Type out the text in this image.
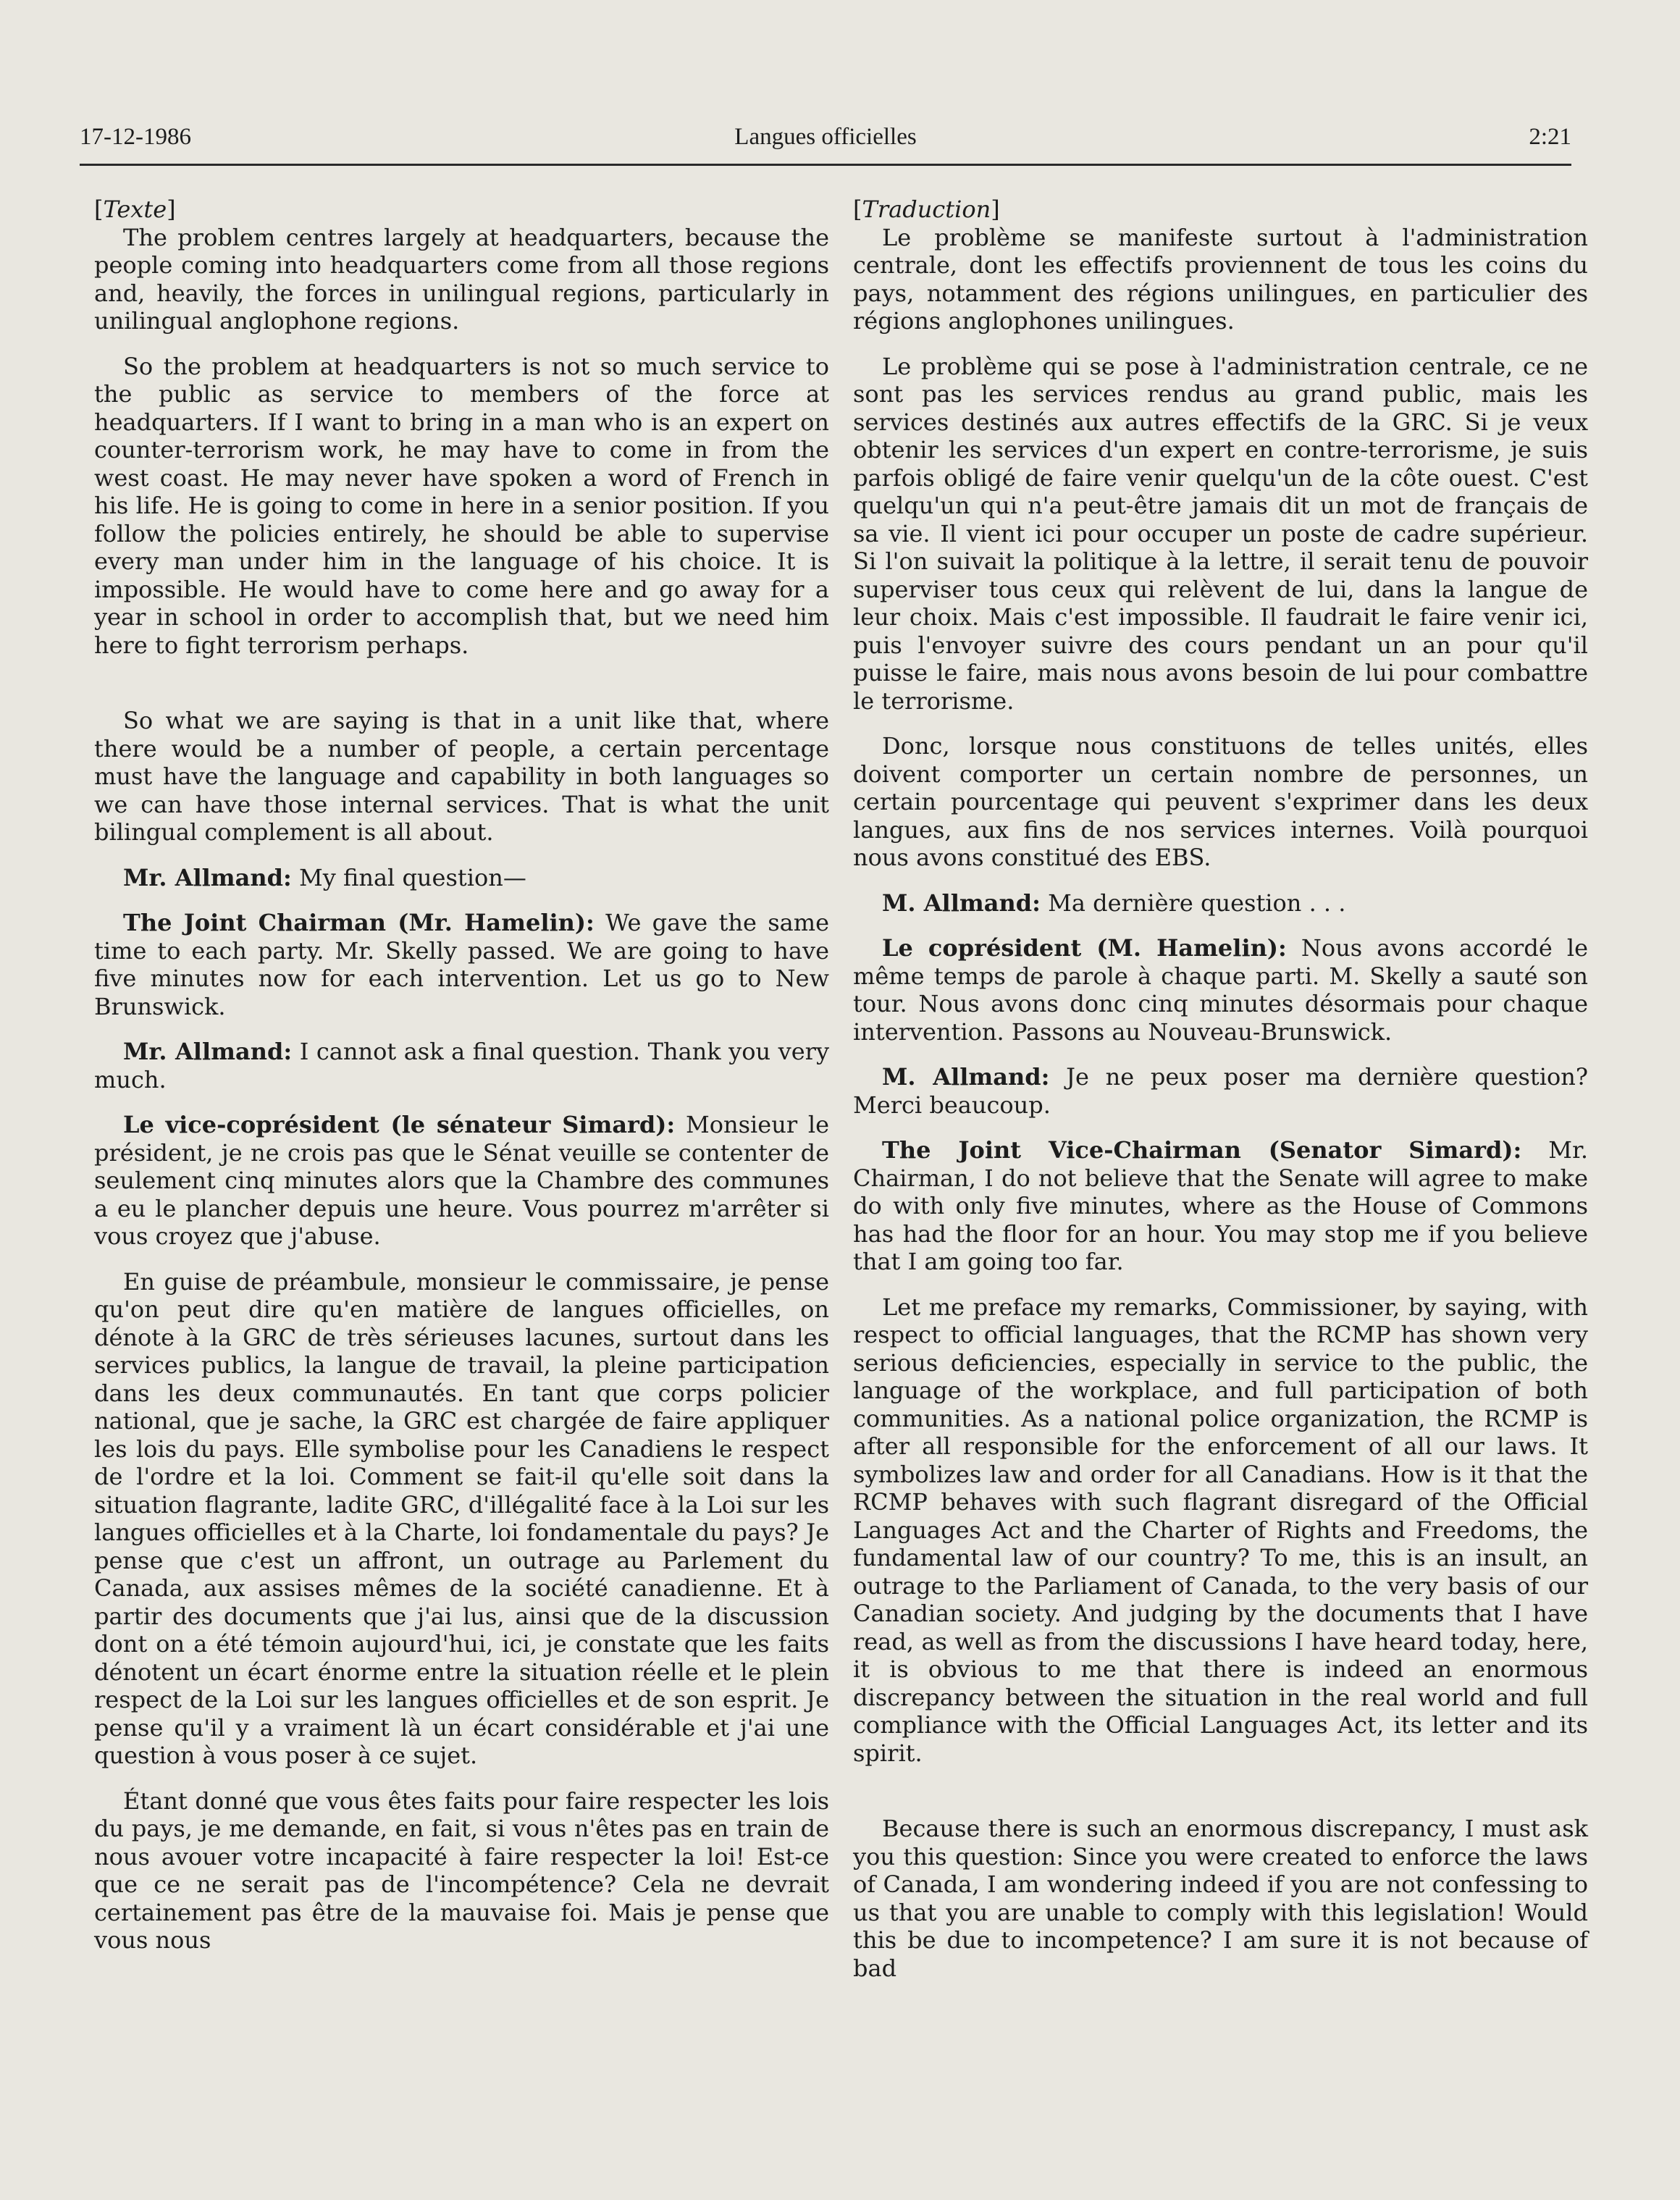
17-12-1986	Langues officielles	2:21

[Texte]

The problem centres largely at headquarters, because the people coming into headquarters come from all those regions and, heavily, the forces in unilingual regions, particularly in unilingual anglophone regions.

So the problem at headquarters is not so much service to the public as service to members of the force at headquarters. If I want to bring in a man who is an expert on counter-terrorism work, he may have to come in from the west coast. He may never have spoken a word of French in his life. He is going to come in here in a senior position. If you follow the policies entirely, he should be able to supervise every man under him in the language of his choice. It is impossible. He would have to come here and go away for a year in school in order to accomplish that, but we need him here to fight terrorism perhaps.

So what we are saying is that in a unit like that, where there would be a number of people, a certain percentage must have the language and capability in both languages so we can have those internal services. That is what the unit bilingual complement is all about.

Mr. Allmand: My final question—

The Joint Chairman (Mr. Hamelin): We gave the same time to each party. Mr. Skelly passed. We are going to have five minutes now for each intervention. Let us go to New Brunswick.

Mr. Allmand: I cannot ask a final question. Thank you very much.

Le vice-coprésident (le sénateur Simard): Monsieur le président, je ne crois pas que le Sénat veuille se contenter de seulement cinq minutes alors que la Chambre des communes a eu le plancher depuis une heure. Vous pourrez m'arrêter si vous croyez que j'abuse.

En guise de préambule, monsieur le commissaire, je pense qu'on peut dire qu'en matière de langues officielles, on dénote à la GRC de très sérieuses lacunes, surtout dans les services publics, la langue de travail, la pleine participation dans les deux communautés. En tant que corps policier national, que je sache, la GRC est chargée de faire appliquer les lois du pays. Elle symbolise pour les Canadiens le respect de l'ordre et la loi. Comment se fait-il qu'elle soit dans la situation flagrante, ladite GRC, d'illégalité face à la Loi sur les langues officielles et à la Charte, loi fondamentale du pays? Je pense que c'est un affront, un outrage au Parlement du Canada, aux assises mêmes de la société canadienne. Et à partir des documents que j'ai lus, ainsi que de la discussion dont on a été témoin aujourd'hui, ici, je constate que les faits dénotent un écart énorme entre la situation réelle et le plein respect de la Loi sur les langues officielles et de son esprit. Je pense qu'il y a vraiment là un écart considérable et j'ai une question à vous poser à ce sujet.

Étant donné que vous êtes faits pour faire respecter les lois du pays, je me demande, en fait, si vous n'êtes pas en train de nous avouer votre incapacité à faire respecter la loi! Est-ce que ce ne serait pas de l'incompétence? Cela ne devrait certainement pas être de la mauvaise foi. Mais je pense que vous nous

[Traduction]

Le problème se manifeste surtout à l'administration centrale, dont les effectifs proviennent de tous les coins du pays, notamment des régions unilingues, en particulier des régions anglophones unilingues.

Le problème qui se pose à l'administration centrale, ce ne sont pas les services rendus au grand public, mais les services destinés aux autres effectifs de la GRC. Si je veux obtenir les services d'un expert en contre-terrorisme, je suis parfois obligé de faire venir quelqu'un de la côte ouest. C'est quelqu'un qui n'a peut-être jamais dit un mot de français de sa vie. Il vient ici pour occuper un poste de cadre supérieur. Si l'on suivait la politique à la lettre, il serait tenu de pouvoir superviser tous ceux qui relèvent de lui, dans la langue de leur choix. Mais c'est impossible. Il faudrait le faire venir ici, puis l'envoyer suivre des cours pendant un an pour qu'il puisse le faire, mais nous avons besoin de lui pour combattre le terrorisme.

Donc, lorsque nous constituons de telles unités, elles doivent comporter un certain nombre de personnes, un certain pourcentage qui peuvent s'exprimer dans les deux langues, aux fins de nos services internes. Voilà pourquoi nous avons constitué des EBS.

M. Allmand: Ma dernière question . . .

Le coprésident (M. Hamelin): Nous avons accordé le même temps de parole à chaque parti. M. Skelly a sauté son tour. Nous avons donc cinq minutes désormais pour chaque intervention. Passons au Nouveau-Brunswick.

M. Allmand: Je ne peux poser ma dernière question? Merci beaucoup.

The Joint Vice-Chairman (Senator Simard): Mr. Chairman, I do not believe that the Senate will agree to make do with only five minutes, where as the House of Commons has had the floor for an hour. You may stop me if you believe that I am going too far.

Let me preface my remarks, Commissioner, by saying, with respect to official languages, that the RCMP has shown very serious deficiencies, especially in service to the public, the language of the workplace, and full participation of both communities. As a national police organization, the RCMP is after all responsible for the enforcement of all our laws. It symbolizes law and order for all Canadians. How is it that the RCMP behaves with such flagrant disregard of the Official Languages Act and the Charter of Rights and Freedoms, the fundamental law of our country? To me, this is an insult, an outrage to the Parliament of Canada, to the very basis of our Canadian society. And judging by the documents that I have read, as well as from the discussions I have heard today, here, it is obvious to me that there is indeed an enormous discrepancy between the situation in the real world and full compliance with the Official Languages Act, its letter and its spirit.

Because there is such an enormous discrepancy, I must ask you this question: Since you were created to enforce the laws of Canada, I am wondering indeed if you are not confessing to us that you are unable to comply with this legislation! Would this be due to incompetence? I am sure it is not because of bad
